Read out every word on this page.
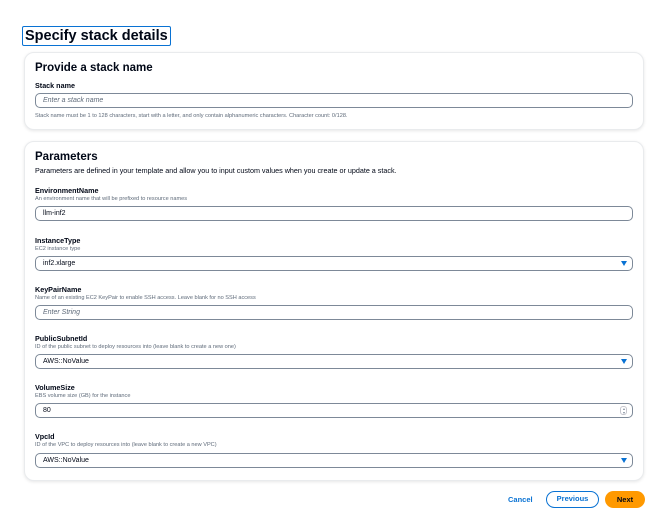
Specify stack details
Provide a stack name
Stack name
Enter a stack name
Stack name must be 1 to 128 characters, start with a letter, and only contain alphanumeric characters. Character count: 0/128.
Parameters
Parameters are defined in your template and allow you to input custom values when you create or update a stack.
EnvironmentName
An environment name that will be prefixed to resource names
llm-inf2
InstanceType
EC2 instance type
inf2.xlarge
KeyPairName
Name of an existing EC2 KeyPair to enable SSH access. Leave blank for no SSH access
Enter String
PublicSubnetId
ID of the public subnet to deploy resources into (leave blank to create a new one)
AWS::NoValue
VolumeSize
EBS volume size (GB) for the instance
80
VpcId
ID of the VPC to deploy resources into (leave blank to create a new VPC)
AWS::NoValue
Cancel	Previous	Next
